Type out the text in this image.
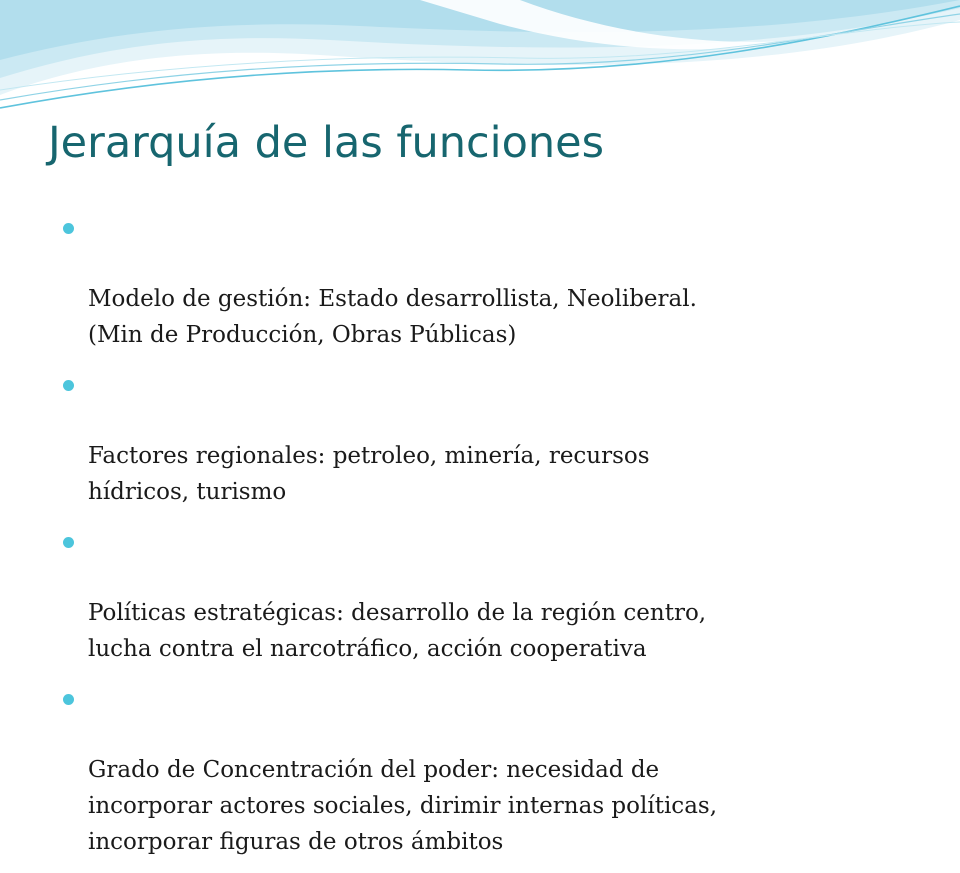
Jerarquía de las funciones

Modelo de gestión: Estado desarrollista, Neoliberal.
(Min de Producción, Obras Públicas)

Factores regionales: petroleo, minería, recursos
hídricos, turismo

Políticas estratégicas: desarrollo de la región centro,
lucha contra el narcotráfico, acción cooperativa

Grado de Concentración del poder: necesidad de
incorporar actores sociales, dirimir internas políticas,
incorporar figuras de otros ámbitos
